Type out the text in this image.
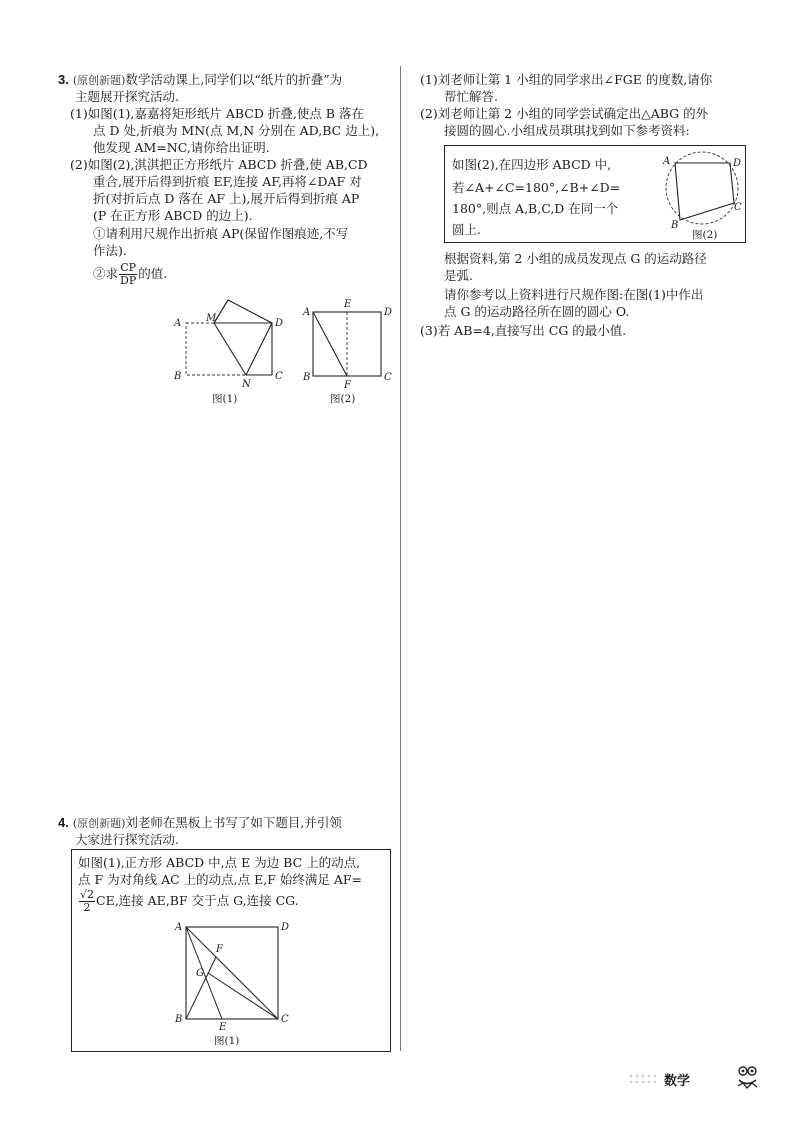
3. (原创新题)数学活动课上,同学们以“纸片的折叠”为
主题展开探究活动.
(1)如图(1),嘉嘉将矩形纸片 ABCD 折叠,使点 B 落在
点 D 处,折痕为 MN(点 M,N 分别在 AD,BC 边上),
他发现 AM=NC,请你给出证明.
(2)如图(2),淇淇把正方形纸片 ABCD 折叠,使 AB,CD
重合,展开后得到折痕 EF,连接 AF,再将∠DAF 对
折(对折后点 D 落在 AF 上),展开后得到折痕 AP
(P 在正方形 ABCD 的边上).
①请利用尺规作出折痕 AP(保留作图痕迹,不写
作法).
②求 $\frac{CP}{DP}$ 的值.
A M	D
B
N
C
图(1)
A
E
D
B
F
C
图(2)
4. (原创新题)刘老师在黑板上书写了如下题目,并引领
大家进行探究活动.
如图(1),正方形 ABCD 中,点 E 为边 BC 上的动点,
点 F 为对角线 AC 上的动点,点 E,F 始终满足 AF=
$\frac{√2}{2}$ CE,连接 AE,BF 交于点 G,连接 CG.
A	D
F
G
B
E
C
图(1)
(1)刘老师让第 1 小组的同学求出∠FGE 的度数,请你
帮忙解答.
(2)刘老师让第 2 小组的同学尝试确定出△ABG 的外
接圆的圆心.小组成员琪琪找到如下参考资料:
如图(2),在四边形 ABCD 中,
若∠A+∠C=180°,∠B+∠D=
180°,则点 A,B,C,D 在同一个
圆上.
A	D
C
B
图(2)
根据资料,第 2 小组的成员发现点 G 的运动路径
是弧.
请你参考以上资料进行尺规作图:在图(1)中作出
点 G 的运动路径所在圆的圆心 O.
(3)若 AB=4,直接写出 CG 的最小值.
数学
